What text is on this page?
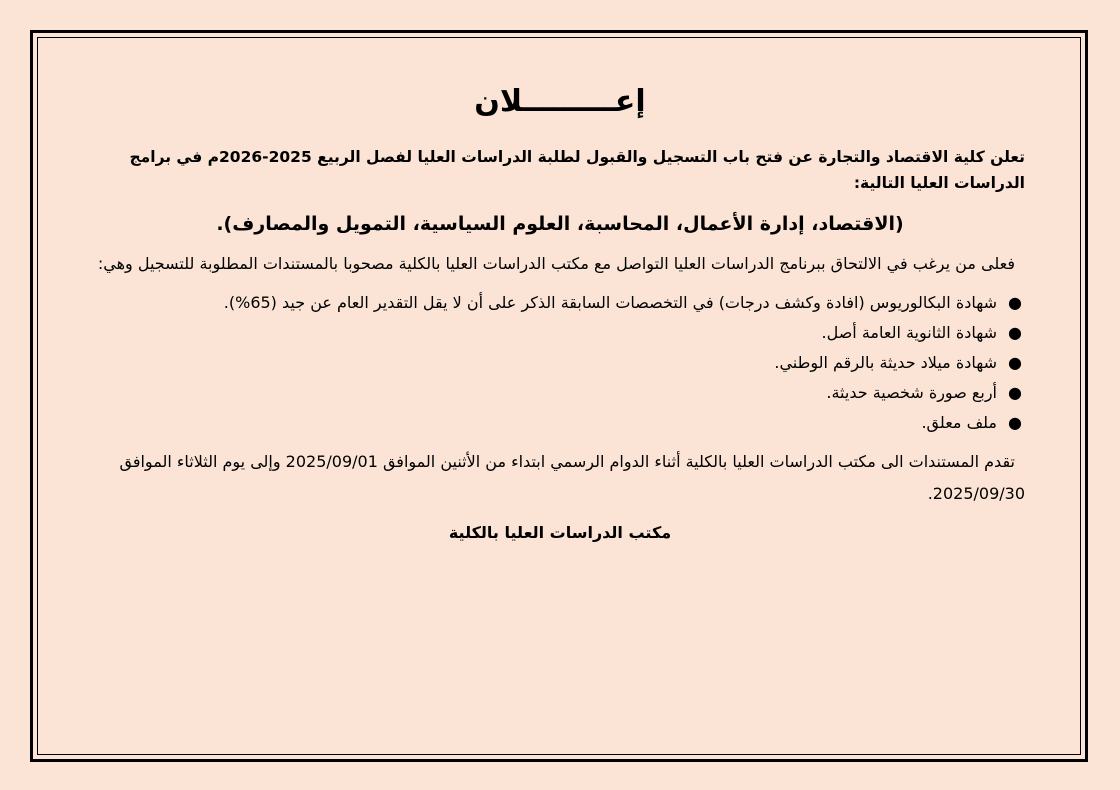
إعـــــــــلان

تعلن كلية الاقتصاد والتجارة عن فتح باب التسجيل والقبول لطلبة الدراسات العليا لفصل الربيع 2025-2026م في برامج الدراسات العليا التالية:

(الاقتصاد، إدارة الأعمال، المحاسبة، العلوم السياسية، التمويل والمصارف).

فعلى من يرغب في الالتحاق ببرنامج الدراسات العليا التواصل مع مكتب الدراسات العليا بالكلية مصحوبا بالمستندات المطلوبة للتسجيل وهي:

●
شهادة البكالوريوس (افادة وكشف درجات) في التخصصات السابقة الذكر على أن لا يقل التقدير العام عن جيد (65%).
●
شهادة الثانوية العامة أصل.
●
شهادة ميلاد حديثة بالرقم الوطني.
●
أربع صورة شخصية حديثة.
●
ملف معلق.

تقدم المستندات الى مكتب الدراسات العليا بالكلية أثناء الدوام الرسمي ابتداء من الأثنين الموافق 2025/09/01 وإلى يوم الثلاثاء الموافق 2025/09/30.

مكتب الدراسات العليا بالكلية
